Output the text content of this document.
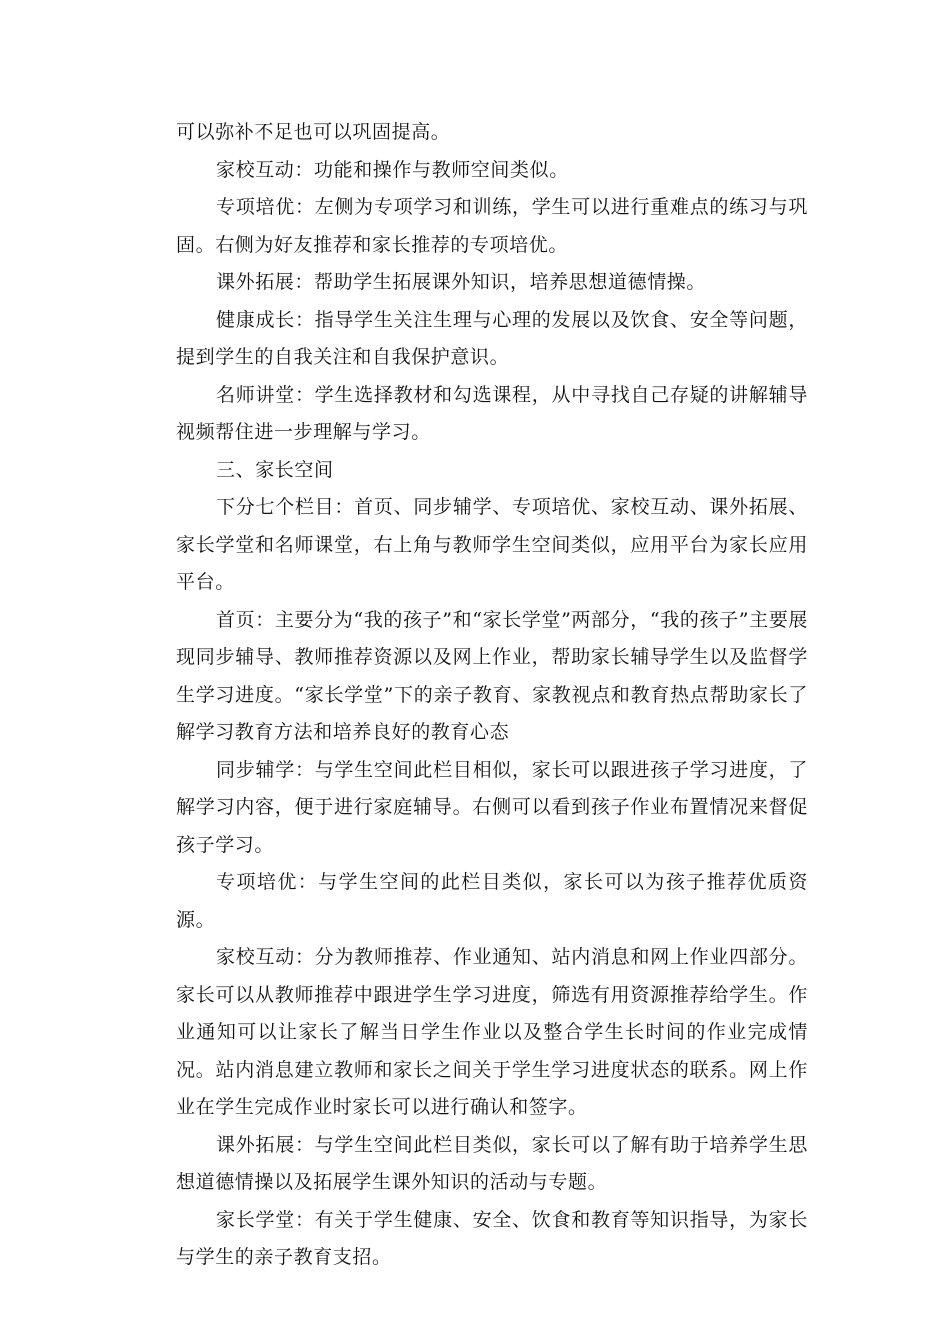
可以弥补不足也可以巩固提高。

家校互动：功能和操作与教师空间类似。

专项培优：左侧为专项学习和训练，学生可以进行重难点的练习与巩固。右侧为好友推荐和家长推荐的专项培优。

课外拓展：帮助学生拓展课外知识，培养思想道德情操。

健康成长：指导学生关注生理与心理的发展以及饮食、安全等问题，提到学生的自我关注和自我保护意识。

名师讲堂：学生选择教材和勾选课程，从中寻找自己存疑的讲解辅导视频帮住进一步理解与学习。

三、家长空间

下分七个栏目：首页、同步辅学、专项培优、家校互动、课外拓展、家长学堂和名师课堂，右上角与教师学生空间类似，应用平台为家长应用平台。

首页：主要分为“我的孩子”和“家长学堂”两部分，“我的孩子”主要展现同步辅导、教师推荐资源以及网上作业，帮助家长辅导学生以及监督学生学习进度。“家长学堂”下的亲子教育、家教视点和教育热点帮助家长了解学习教育方法和培养良好的教育心态

同步辅学：与学生空间此栏目相似，家长可以跟进孩子学习进度，了解学习内容，便于进行家庭辅导。右侧可以看到孩子作业布置情况来督促孩子学习。

专项培优：与学生空间的此栏目类似，家长可以为孩子推荐优质资源。

家校互动：分为教师推荐、作业通知、站内消息和网上作业四部分。家长可以从教师推荐中跟进学生学习进度，筛选有用资源推荐给学生。作业通知可以让家长了解当日学生作业以及整合学生长时间的作业完成情况。站内消息建立教师和家长之间关于学生学习进度状态的联系。网上作业在学生完成作业时家长可以进行确认和签字。

课外拓展：与学生空间此栏目类似，家长可以了解有助于培养学生思想道德情操以及拓展学生课外知识的活动与专题。

家长学堂：有关于学生健康、安全、饮食和教育等知识指导，为家长与学生的亲子教育支招。
